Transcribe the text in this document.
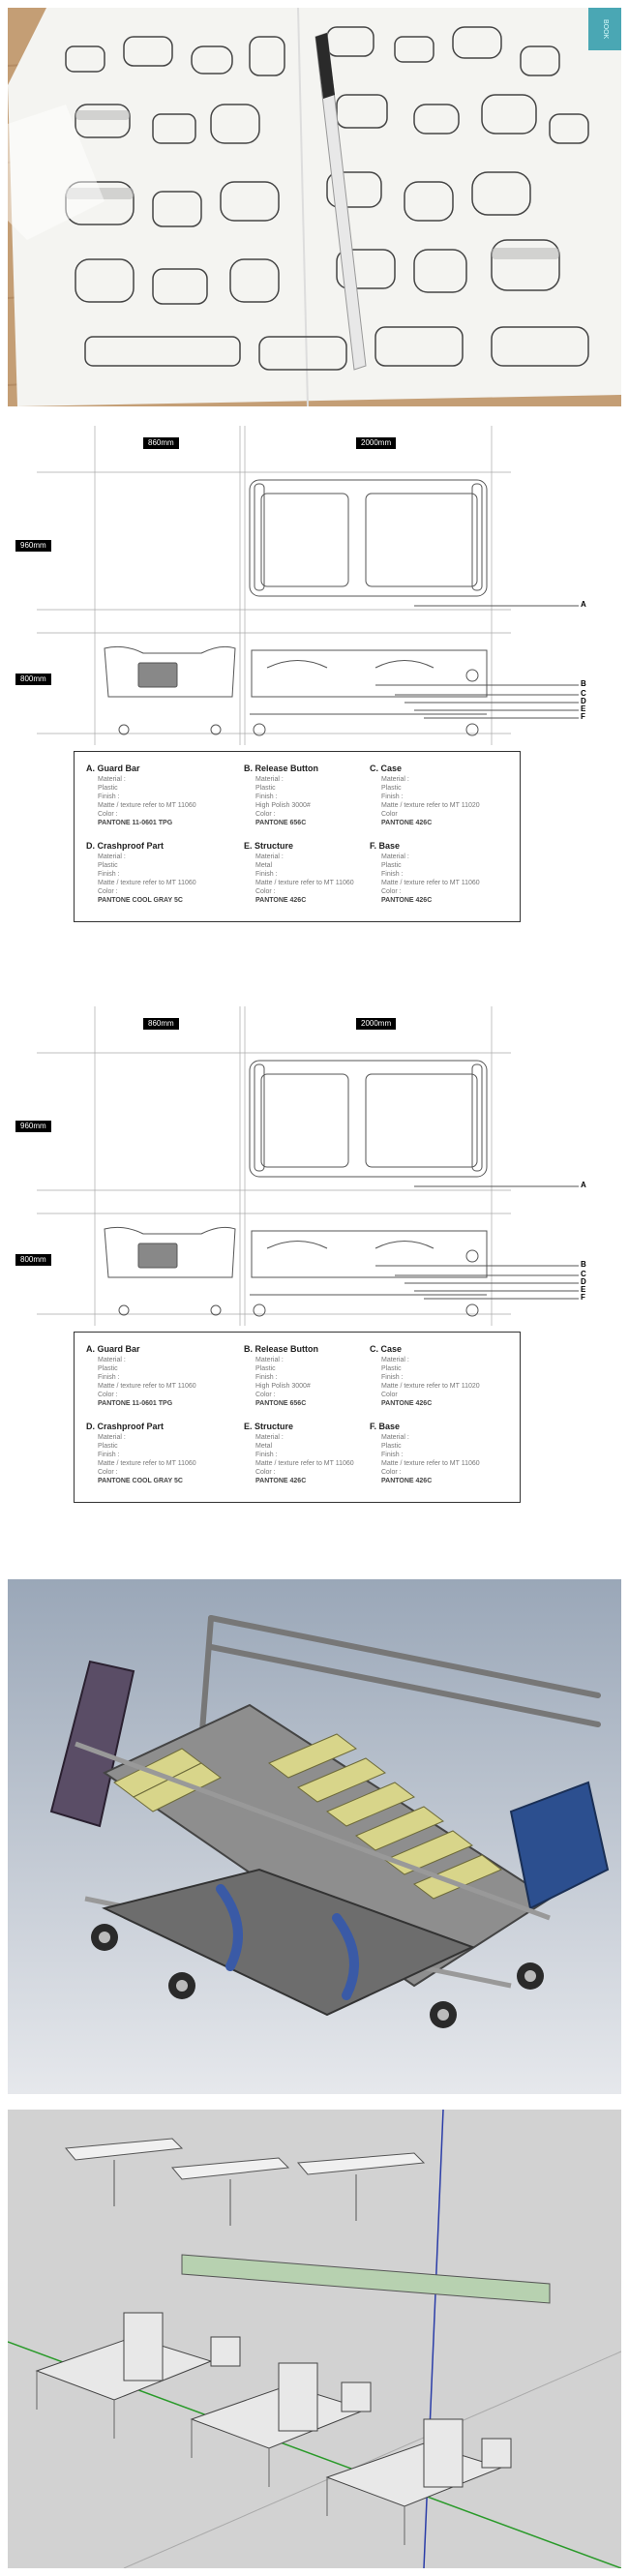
BOOK
860mm	2000mm
960mm
800mm
A
B
C
D
E
F
A. Guard Bar
Material :
Plastic
Finish :
Matte / texture refer to MT 11060
Color :
PANTONE 11-0601 TPG
B. Release Button
Material :
Plastic
Finish :
High Polish 3000#
Color :
PANTONE 656C
C. Case
Material :
Plastic
Finish :
Matte / texture refer to MT 11020
Color
PANTONE 426C
D. Crashproof Part
Material :
Plastic
Finish :
Matte / texture refer to MT 11060
Color :
PANTONE COOL GRAY 5C
E. Structure
Material :
Metal
Finish :
Matte / texture refer to MT 11060
Color :
PANTONE 426C
F. Base
Material :
Plastic
Finish :
Matte / texture refer to MT 11060
Color :
PANTONE 426C
860mm	2000mm
960mm
800mm
A
B
C
D
E
F
A. Guard Bar
Material :
Plastic
Finish :
Matte / texture refer to MT 11060
Color :
PANTONE 11-0601 TPG
B. Release Button
Material :
Plastic
Finish :
High Polish 3000#
Color :
PANTONE 656C
C. Case
Material :
Plastic
Finish :
Matte / texture refer to MT 11020
Color
PANTONE 426C
D. Crashproof Part
Material :
Plastic
Finish :
Matte / texture refer to MT 11060
Color :
PANTONE COOL GRAY 5C
E. Structure
Material :
Metal
Finish :
Matte / texture refer to MT 11060
Color :
PANTONE 426C
F. Base
Material :
Plastic
Finish :
Matte / texture refer to MT 11060
Color :
PANTONE 426C
